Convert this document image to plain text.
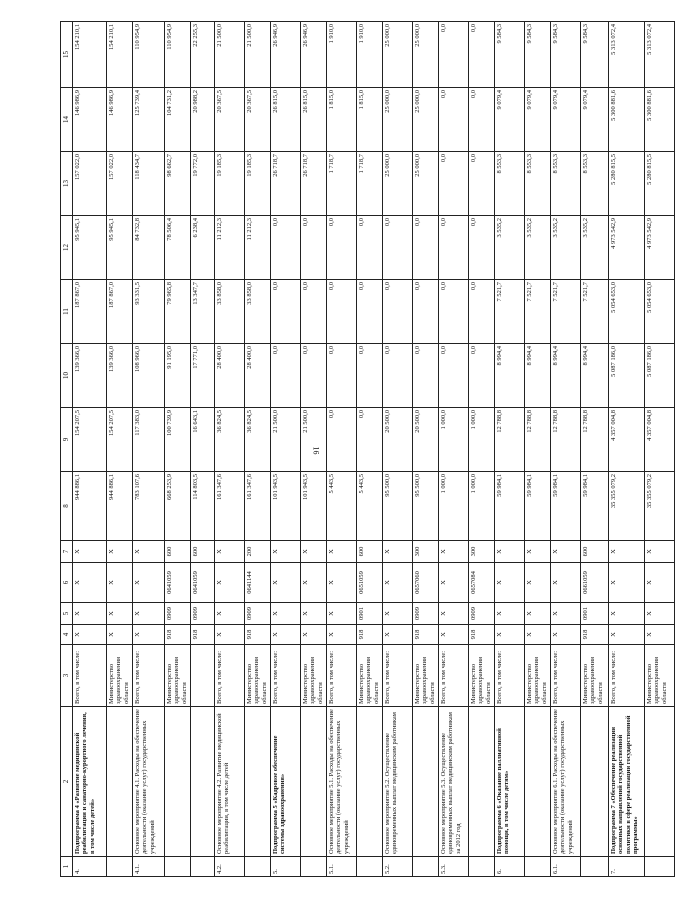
16
1	2	3	4	5	6	7	8	9	10	11	12	13	14	15
4.	Подпрограмма 4 «Развитие медицинской реабилитации и санаторно-курортного лечения, в том числе детей»	Всего, в том числе:	X	X	X	X	944 886,1	154 207,5	139 366,0	187 867,0	95 945,1	157 022,0	146 986,9	154 210,1
		Министерство здравоохранения области	X	X	X	X	944 886,1	154 207,5	139 366,0	187 867,0	95 945,1	157 022,0	146 986,9	154 210,1
4.1.	Основное мероприятие 4.1. Расходы на обеспечение деятельности (оказание услуг) государственных учреждений	Всего, в том числе:	X	X	X	X	783 107,6	117 383,0	108 966,0	93 331,5	84 732,8	118 434,7	125 739,4	110 954,9
		Министерство здравоохранения области	918	0909	0641059	600	668 253,9	100 739,9	91 195,0	79 965,8	78 506,4	98 662,7	104 731,2	110 954,9
			918	0909	0641059	600	114 803,5	16 643,1	17 771,0	13 347,7	6 238,4	19 772,0	20 988,2	22 255,3
4.2.	Основное мероприятие 4.2. Развитие медицинской реабилитации, в том числе детей	Всего, в том числе:	X	X	X	X	161 347,6	36 824,5	28 400,0	33 858,0	11 212,3	19 185,3	20 367,5	21 500,0
		Министерство здравоохранения области	918	0909	0641144	200	161 347,6	36 824,5	28 400,0	33 858,0	11 212,3	19 185,3	20 367,5	21 500,0
5.	Подпрограмма 5 «Кадровое обеспечение системы здравоохранения»	Всего, в том числе:	X	X	X	X	101 943,5	21 500,0	0,0	0,0	0,0	26 718,7	26 815,0	26 946,9
		Министерство здравоохранения области	X	X	X	X	101 943,5	21 500,0	0,0	0,0	0,0	26 718,7	26 815,0	26 946,9
5.1.	Основное мероприятие 5.1. Расходы на обеспечение деятельности (оказание услуг) государственных учреждений	Всего, в том числе:	X	X	X	X	5 443,5	0,0	0,0	0,0	0,0	1 718,7	1 815,0	1 910,0
		Министерство здравоохранения области	918	0901	0651059	600	5 443,5	0,0	0,0	0,0	0,0	1 718,7	1 815,0	1 910,0
5.2.	Основное мероприятие 5.2. Осуществление единовременных выплат медицинским работникам	Всего, в том числе:	X	X	X	X	95 500,0	20 500,0	0,0	0,0	0,0	25 000,0	25 000,0	25 000,0
		Министерство здравоохранения области	918	0909	0657060	300	95 500,0	20 500,0	0,0	0,0	0,0	25 000,0	25 000,0	25 000,0
5.3.	Основное мероприятие 5.3. Осуществление единовременных выплат медицинским работникам за 2012 год	Всего, в том числе:	X	X	X	X	1 000,0	1 000,0	0,0	0,0	0,0	0,0	0,0	0,0
		Министерство здравоохранения области	918	0909	0657084	300	1 000,0	1 000,0	0,0	0,0	0,0	0,0	0,0	0,0
6.	Подпрограмма 6 «Оказание паллиативной помощи, в том числе детям»	Всего, в том числе:	X	X	X	X	59 984,1	12 788,8	8 994,4	7 521,7	3 535,2	8 553,3	9 079,4	9 584,3
		Министерство здравоохранения области	X	X	X	X	59 984,1	12 788,8	8 994,4	7 521,7	3 535,2	8 553,3	9 079,4	9 584,3
6.1.	Основное мероприятие 6.1. Расходы на обеспечение деятельности (оказание услуг) государственных учреждений	Всего, в том числе:	X	X	X	X	59 984,1	12 788,8	8 994,4	7 521,7	3 535,2	8 553,3	9 079,4	9 584,3
		Министерство здравоохранения области	918	0901	0661059	600	59 984,1	12 788,8	8 994,4	7 521,7	3 535,2	8 553,3	9 079,4	9 584,3
7.	Подпрограмма 7 «Обеспечение реализации основных направлений государственной политики в сфере реализации государственной программы»	Всего, в том числе:	X	X	X	X	35 355 079,2	4 357 004,8	5 087 186,0	5 054 653,0	4 973 542,9	5 280 815,5	5 300 881,6	5 313 072,4
		Министерство здравоохранения области	X	X	X	X	35 355 079,2	4 357 004,8	5 087 186,0	5 054 653,0	4 973 542,9	5 280 815,5	5 300 881,6	5 313 072,4
